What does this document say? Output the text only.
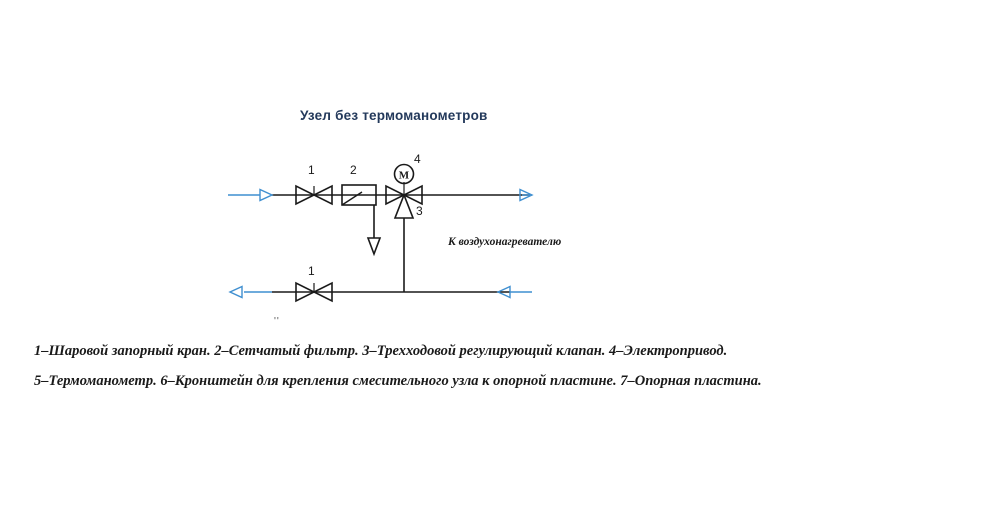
Узел без термоманометров
M
1	2
4
3
1
К воздухонагревателю
''
1–Шаровой запорный кран. 2–Сетчатый фильтр. 3–Трехходовой регулирующий клапан. 4–Электропривод.
5–Термоманометр. 6–Кронштейн для крепления смесительного узла к опорной пластине. 7–Опорная пластина.
